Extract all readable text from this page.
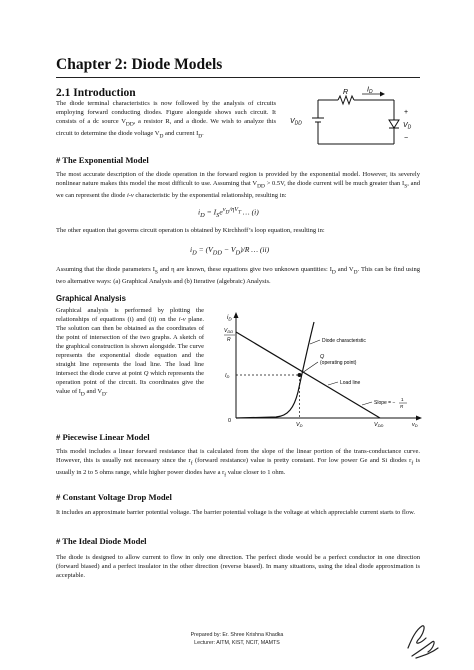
Chapter 2: Diode Models
2.1 Introduction

The diode terminal characteristics is now followed by the analysis of circuits employing forward conducting diodes. Figure alongside shows such circuit. It consists of a dc source $V_{DD}$, a resistor R, and a diode. We wish to analyze this circuit to determine the diode voltage $V_D$ and current $I_D$.

R	$I_D$
$V_{DD}$
+
$V_D$
−
# The Exponential Model

The most accurate description of the diode operation in the forward region is provided by the exponential model. However, its severely nonlinear nature makes this model the most difficult to use. Assuming that $V_{DD} > 0.5V$, the diode current will be much greater than $I_S$, and we can represent the diode i-v characteristic by the exponential relationship, resulting in:

$i_D = I_Se^{v_D/\eta V_T}$ … (i)

The other equation that governs circuit operation is obtained by Kirchhoff’s loop equation, resulting in:

$i_D = (V_{DD} - V_D)/R$ … (ii)

Assuming that the diode parameters $I_S$ and η are known, these equations give two unknown quantities: $I_D$ and $V_D$. This can be find using two alternative ways: (a) Graphical Analysis and (b) Iterative (algebraic) Analysis.

Graphical Analysis

Graphical analysis is performed by plotting the relationships of equations (i) and (ii) on the i-v plane. The solution can then be obtained as the coordinates of the point of intersection of the two graphs. A sketch of the graphical construction is shown alongside. The curve represents the exponential diode equation and the straight line represents the load line. The load line intersect the diode curve at point Q which represents the operation point of the circuit. Its coordinates give the value of $I_D$ and $V_D$.

$i_D$
$V_{DD}$
R
$I_D$
Diode characteristic
Q
(operating point)
Load line
Slope = −
1
R
0
$V_D$	$V_{DD}$	$v_D$
# Piecewise Linear Model

This model includes a linear forward resistance that is calculated from the slope of the linear portion of the trans-conductance curve. However, this is usually not necessary since the $r_f$ (forward resistance) value is pretty constant. For low power Ge and Si diodes $r_f$ is usually in 2 to 5 ohms range, while higher power diodes have a $r_f$ value closer to 1 ohm.

# Constant Voltage Drop Model

It includes an approximate barrier potential voltage. The barrier potential voltage is the voltage at which appreciable current starts to flow.

# The Ideal Diode Model

The diode is designed to allow current to flow in only one direction. The perfect diode would be a perfect conductor in one direction (forward biased) and a perfect insulator in the other direction (reverse biased). In many situations, using the ideal diode approximation is acceptable.

Prepared by: Er. Shree Krishna Khadka
Lecturer: AITM, KIST, NCIT, MAMTS
